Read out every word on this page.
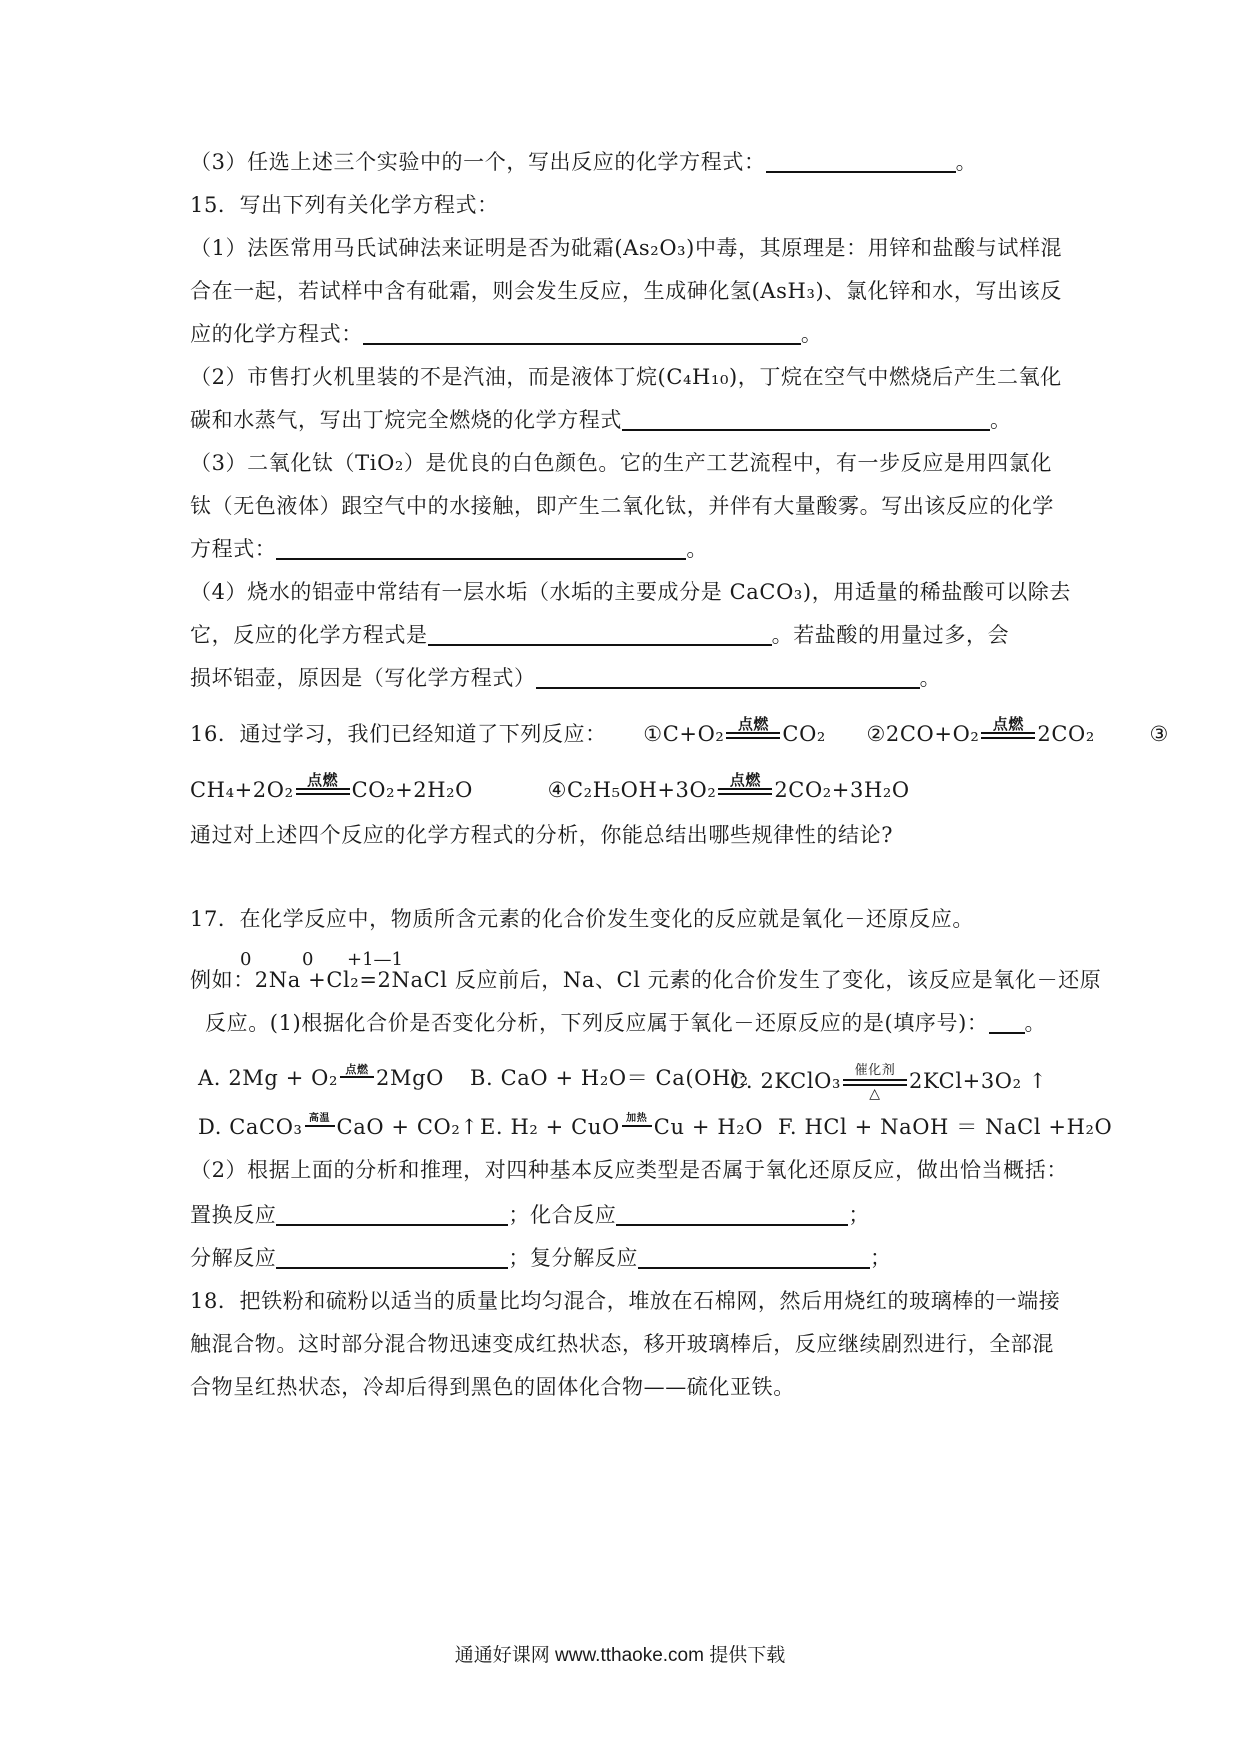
（3）任选上述三个实验中的一个，写出反应的化学方程式：	。
15．写出下列有关化学方程式：
（1）法医常用马氏试砷法来证明是否为砒霜(As₂O₃)中毒，其原理是：用锌和盐酸与试样混
合在一起，若试样中含有砒霜，则会发生反应，生成砷化氢(AsH₃)、氯化锌和水，写出该反
应的化学方程式：	。
（2）市售打火机里装的不是汽油，而是液体丁烷(C₄H₁₀)，丁烷在空气中燃烧后产生二氧化
碳和水蒸气，写出丁烷完全燃烧的化学方程式	。
（3）二氧化钛（TiO₂）是优良的白色颜色。它的生产工艺流程中，有一步反应是用四氯化
钛（无色液体）跟空气中的水接触，即产生二氧化钛，并伴有大量酸雾。写出该反应的化学
方程式：	。
（4）烧水的铝壶中常结有一层水垢（水垢的主要成分是 CaCO₃)，用适量的稀盐酸可以除去
它，反应的化学方程式是	。若盐酸的用量过多，会
损坏铝壶，原因是（写化学方程式）	。
16．通过学习，我们已经知道了下列反应： ①C+O₂ 点燃
CO₂ ②2CO+O₂ 点燃
2CO₂	③
CH₄+2O₂ 点燃
CO₂+2H₂O	④C₂H₅OH+3O₂ 点燃
2CO₂+3H₂O
通过对上述四个反应的化学方程式的分析，你能总结出哪些规律性的结论?
17．在化学反应中，物质所含元素的化合价发生变化的反应就是氧化－还原反应。
0	0 +1—1
例如：2Na +Cl₂=2NaCl 反应前后，Na、Cl 元素的化合价发生了变化，该反应是氧化－还原
反应。(1)根据化合价是否变化分析，下列反应属于氧化－还原反应的是(填序号)： 。
A. 2Mg + O₂ 点燃
2MgO B. CaO + H₂O＝ Ca(OH)₂
C. 2KClO₃	催化剂
△
2KCl+3O₂ ↑
D. CaCO₃ 高温
CaO + CO₂↑ E. H₂ + CuO 加热
Cu + H₂O F. HCl + NaOH ＝ NaCl +H₂O
（2）根据上面的分析和推理，对四种基本反应类型是否属于氧化还原反应，做出恰当概括：
置换反应	；化合反应	；
分解反应	；复分解反应	；
18．把铁粉和硫粉以适当的质量比均匀混合，堆放在石棉网，然后用烧红的玻璃棒的一端接
触混合物。这时部分混合物迅速变成红热状态，移开玻璃棒后，反应继续剧烈进行，全部混
合物呈红热状态，冷却后得到黑色的固体化合物——硫化亚铁。
通通好课网 www.tthaoke.com 提供下载
